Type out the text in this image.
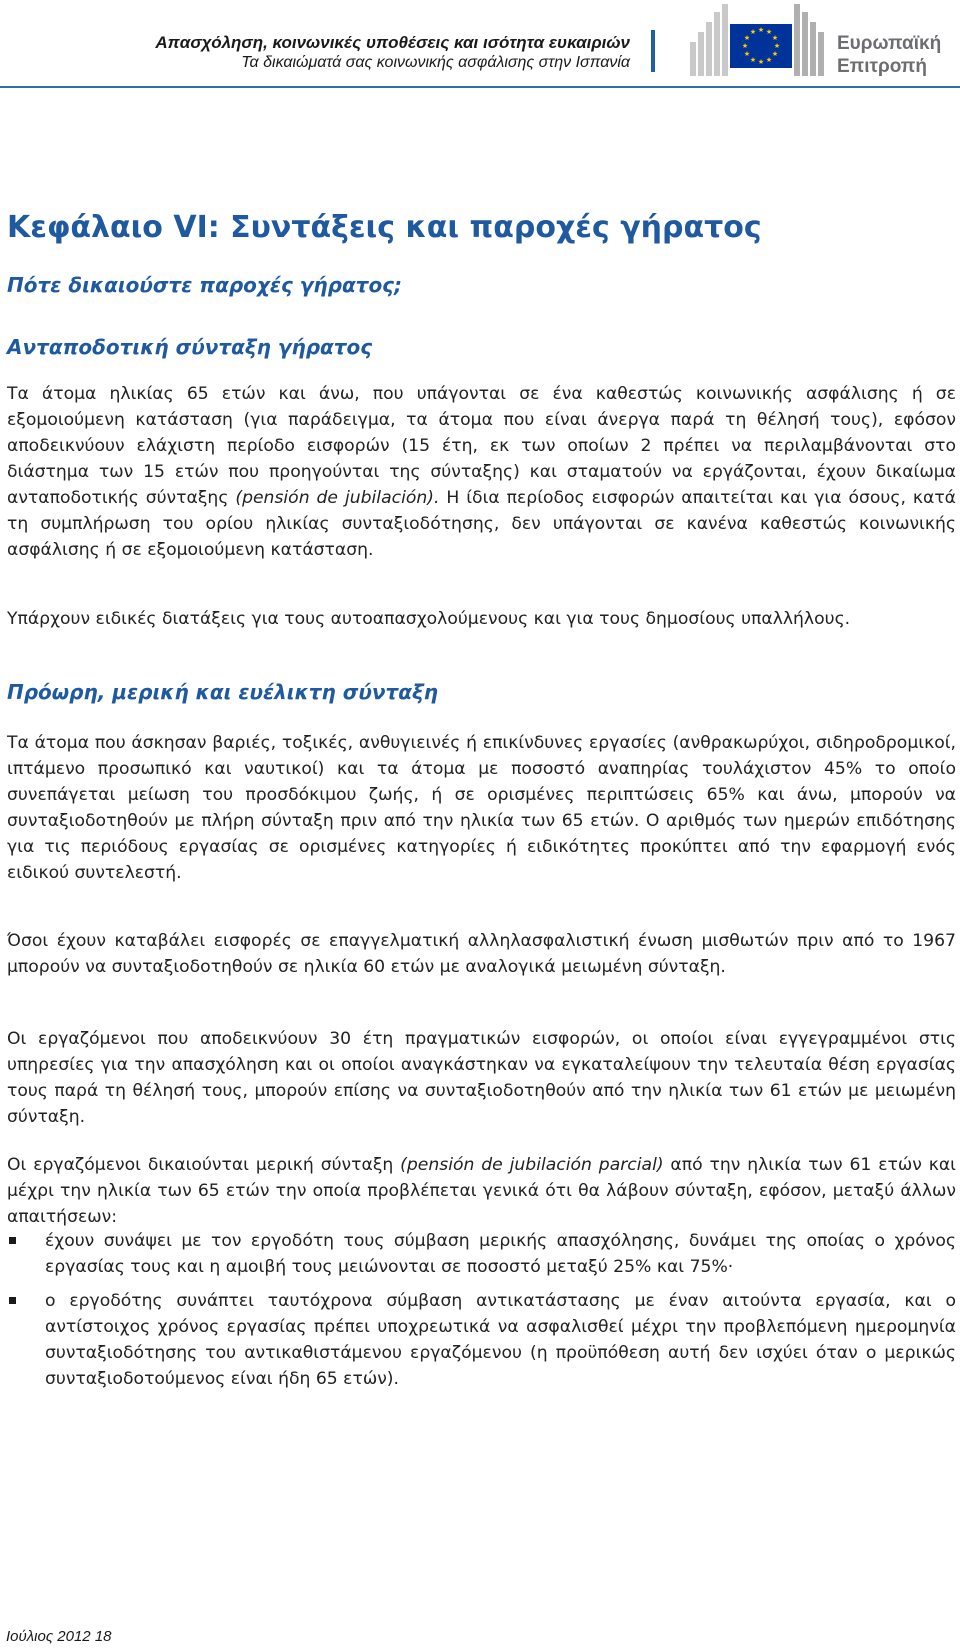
Απασχόληση, κοινωνικές υποθέσεις και ισότητα ευκαιριών
Τα δικαιώματά σας κοινωνικής ασφάλισης στην Ισπανία
★ ★
★
★
★
★
★
★
★
★
★
★
Ευρωπαϊκή
Επιτροπή
Κεφάλαιο VI: Συντάξεις και παροχές γήρατος
Πότε δικαιούστε παροχές γήρατος;
Ανταποδοτική σύνταξη γήρατος

Τα άτομα ηλικίας 65 ετών και άνω, που υπάγονται σε ένα καθεστώς κοινωνικής ασφάλισης ή σε εξομοιούμενη κατάσταση (για παράδειγμα, τα άτομα που είναι άνεργα παρά τη θέλησή τους), εφόσον αποδεικνύουν ελάχιστη περίοδο εισφορών (15 έτη, εκ των οποίων 2 πρέπει να περιλαμβάνονται στο διάστημα των 15 ετών που προηγούνται της σύνταξης) και σταματούν να εργάζονται, έχουν δικαίωμα ανταποδοτικής σύνταξης (pensión de jubilación). Η ίδια περίοδος εισφορών απαιτείται και για όσους, κατά τη συμπλήρωση του ορίου ηλικίας συνταξιοδότησης, δεν υπάγονται σε κανένα καθεστώς κοινωνικής ασφάλισης ή σε εξομοιούμενη κατάσταση.

Υπάρχουν ειδικές διατάξεις για τους αυτοαπασχολούμενους και για τους δημοσίους υπαλλήλους.

Πρόωρη, μερική και ευέλικτη σύνταξη

Τα άτομα που άσκησαν βαριές, τοξικές, ανθυγιεινές ή επικίνδυνες εργασίες (ανθρακωρύχοι, σιδηροδρομικοί, ιπτάμενο προσωπικό και ναυτικοί) και τα άτομα με ποσοστό αναπηρίας τουλάχιστον 45% το οποίο συνεπάγεται μείωση του προσδόκιμου ζωής, ή σε ορισμένες περιπτώσεις 65% και άνω, μπορούν να συνταξιοδοτηθούν με πλήρη σύνταξη πριν από την ηλικία των 65 ετών. Ο αριθμός των ημερών επιδότησης για τις περιόδους εργασίας σε ορισμένες κατηγορίες ή ειδικότητες προκύπτει από την εφαρμογή ενός ειδικού συντελεστή.

Όσοι έχουν καταβάλει εισφορές σε επαγγελματική αλληλασφαλιστική ένωση μισθωτών πριν από το 1967 μπορούν να συνταξιοδοτηθούν σε ηλικία 60 ετών με αναλογικά μειωμένη σύνταξη.

Οι εργαζόμενοι που αποδεικνύουν 30 έτη πραγματικών εισφορών, οι οποίοι είναι εγγεγραμμένοι στις υπηρεσίες για την απασχόληση και οι οποίοι αναγκάστηκαν να εγκαταλείψουν την τελευταία θέση εργασίας τους παρά τη θέλησή τους, μπορούν επίσης να συνταξιοδοτηθούν από την ηλικία των 61 ετών με μειωμένη σύνταξη.

Οι εργαζόμενοι δικαιούνται μερική σύνταξη (pensión de jubilación parcial) από την ηλικία των 61 ετών και μέχρι την ηλικία των 65 ετών την οποία προβλέπεται γενικά ότι θα λάβουν σύνταξη, εφόσον, μεταξύ άλλων απαιτήσεων:

έχουν συνάψει με τον εργοδότη τους σύμβαση μερικής απασχόλησης, δυνάμει της οποίας ο χρόνος εργασίας τους και η αμοιβή τους μειώνονται σε ποσοστό μεταξύ 25% και 75%·
ο εργοδότης συνάπτει ταυτόχρονα σύμβαση αντικατάστασης με έναν αιτούντα εργασία, και ο αντίστοιχος χρόνος εργασίας πρέπει υποχρεωτικά να ασφαλισθεί μέχρι την προβλεπόμενη ημερομηνία συνταξιοδότησης του αντικαθιστάμενου εργαζόμενου (η προϋπόθεση αυτή δεν ισχύει όταν ο μερικώς συνταξιοδοτούμενος είναι ήδη 65 ετών).
Ιούλιος 2012 18
